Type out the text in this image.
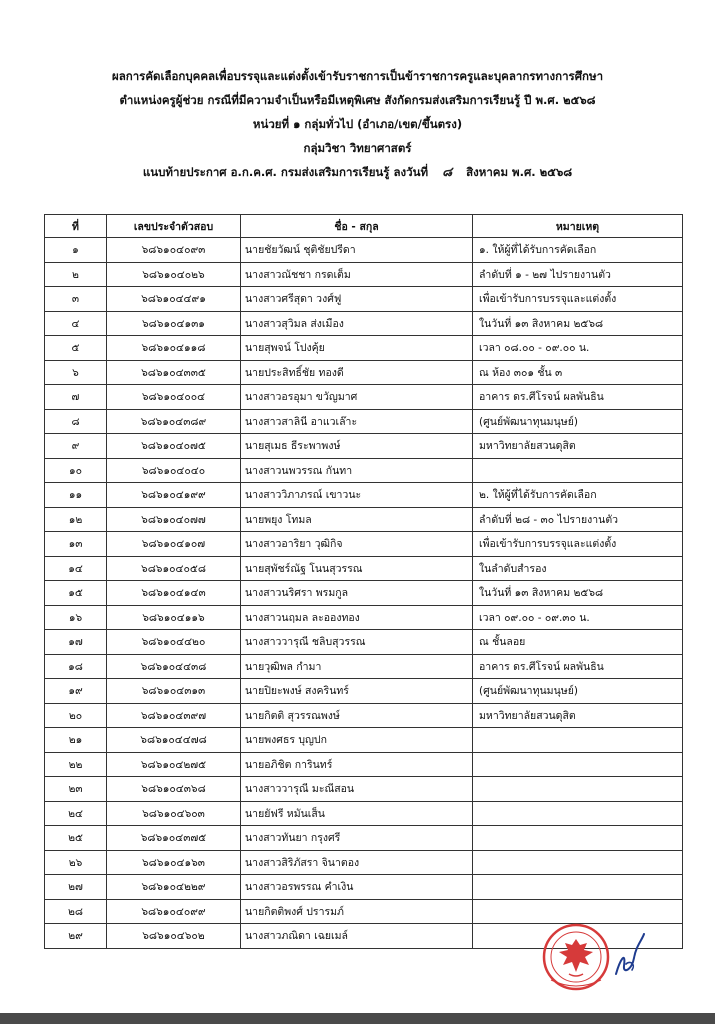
ผลการคัดเลือกบุคคลเพื่อบรรจุและแต่งตั้งเข้ารับราชการเป็นข้าราชการครูและบุคลากรทางการศึกษา
ตำแหน่งครูผู้ช่วย กรณีที่มีความจำเป็นหรือมีเหตุพิเศษ สังกัดกรมส่งเสริมการเรียนรู้ ปี พ.ศ. ๒๕๖๘
หน่วยที่ ๑ กลุ่มทั่วไป (อำเภอ/เขต/ขึ้นตรง)
กลุ่มวิชา วิทยาศาสตร์
แนบท้ายประกาศ อ.ก.ค.ศ. กรมส่งเสริมการเรียนรู้ ลงวันที่ ๘ สิงหาคม พ.ศ. ๒๕๖๘
ที่	เลขประจำตัวสอบ	ชื่อ - สกุล	หมายเหตุ
๑	๖๘๖๑๐๔๐๙๓	นายชัยวัฒน์ ชุติชัยปรีดา	๑. ให้ผู้ที่ได้รับการคัดเลือก
๒	๖๘๖๑๐๔๐๒๖	นางสาวณัชชา กรดเต็ม	ลำดับที่ ๑ - ๒๗ ไปรายงานตัว
๓	๖๘๖๑๐๔๔๙๑	นางสาวศรีสุดา วงศ์ฟู	เพื่อเข้ารับการบรรจุและแต่งตั้ง
๔	๖๘๖๑๐๔๑๓๑	นางสาวสุวิมล ส่งเมือง	ในวันที่ ๑๓ สิงหาคม ๒๕๖๘
๕	๖๘๖๑๐๔๑๑๘	นายสุพจน์ โปงคุ้ย	เวลา ๐๘.๐๐ - ๐๙.๐๐ น.
๖	๖๘๖๑๐๔๓๓๕	นายประสิทธิ์ชัย ทองดี	ณ ห้อง ๓๐๑ ชั้น ๓
๗	๖๘๖๑๐๔๐๐๔	นางสาวอรอุมา ขวัญมาศ	อาคาร ดร.ศีโรจน์ ผลพันธิน
๘	๖๘๖๑๐๔๓๘๙	นางสาวสาลินี อาแวเล๊าะ	(ศูนย์พัฒนาทุนมนุษย์)
๙	๖๘๖๑๐๔๐๗๕	นายสุเมธ ธีระพาพงษ์	มหาวิทยาลัยสวนดุสิต
๑๐	๖๘๖๑๐๔๐๔๐	นางสาวนพวรรณ กันทา	
๑๑	๖๘๖๑๐๔๑๙๙	นางสาววิภาภรณ์ เขาวนะ	๒. ให้ผู้ที่ได้รับการคัดเลือก
๑๒	๖๘๖๑๐๔๐๗๗	นายพยุง โทมล	ลำดับที่ ๒๘ - ๓๐ ไปรายงานตัว
๑๓	๖๘๖๑๐๔๑๐๗	นางสาวอาริยา วุฒิกิจ	เพื่อเข้ารับการบรรจุและแต่งตั้ง
๑๔	๖๘๖๑๐๔๐๕๘	นายสุพัชร์ณัฐ โนนสุวรรณ	ในลำดับสำรอง
๑๕	๖๘๖๑๐๔๑๔๓	นางสาวนริศรา พรมกูล	ในวันที่ ๑๓ สิงหาคม ๒๕๖๘
๑๖	๖๘๖๑๐๔๑๑๖	นางสาวนฤมล ละอองทอง	เวลา ๐๙.๐๐ - ๐๙.๓๐ น.
๑๗	๖๘๖๑๐๔๔๒๐	นางสาววารุณี ชลิบสุวรรณ	ณ ชั้นลอย
๑๘	๖๘๖๑๐๔๔๓๘	นายวุฒิพล กำมา	อาคาร ดร.ศีโรจน์ ผลพันธิน
๑๙	๖๘๖๑๐๔๓๑๓	นายปิยะพงษ์ สงครินทร์	(ศูนย์พัฒนาทุนมนุษย์)
๒๐	๖๘๖๑๐๔๓๙๗	นายกิตติ สุวรรณพงษ์	มหาวิทยาลัยสวนดุสิต
๒๑	๖๘๖๑๐๔๔๗๘	นายพงศธร บุญปก	
๒๒	๖๘๖๑๐๔๒๗๕	นายอภิชิต การินทร์	
๒๓	๖๘๖๑๐๔๓๖๘	นางสาววารุณี มะณีสอน	
๒๔	๖๘๖๑๐๔๖๐๓	นายยัฟรี หมันเส็น	
๒๕	๖๘๖๑๐๔๓๗๕	นางสาวทันยา กรุงศรี	
๒๖	๖๘๖๑๐๔๑๖๓	นางสาวสิริภัสรา จินาตอง	
๒๗	๖๘๖๑๐๔๒๒๙	นางสาวอรพรรณ คำเงิน	
๒๘	๖๘๖๑๐๔๐๙๙	นายกิตติพงศ์ ปรารมภ์	
๒๙	๖๘๖๑๐๔๖๐๒	นางสาวภณิดา เฉยเมล์	
